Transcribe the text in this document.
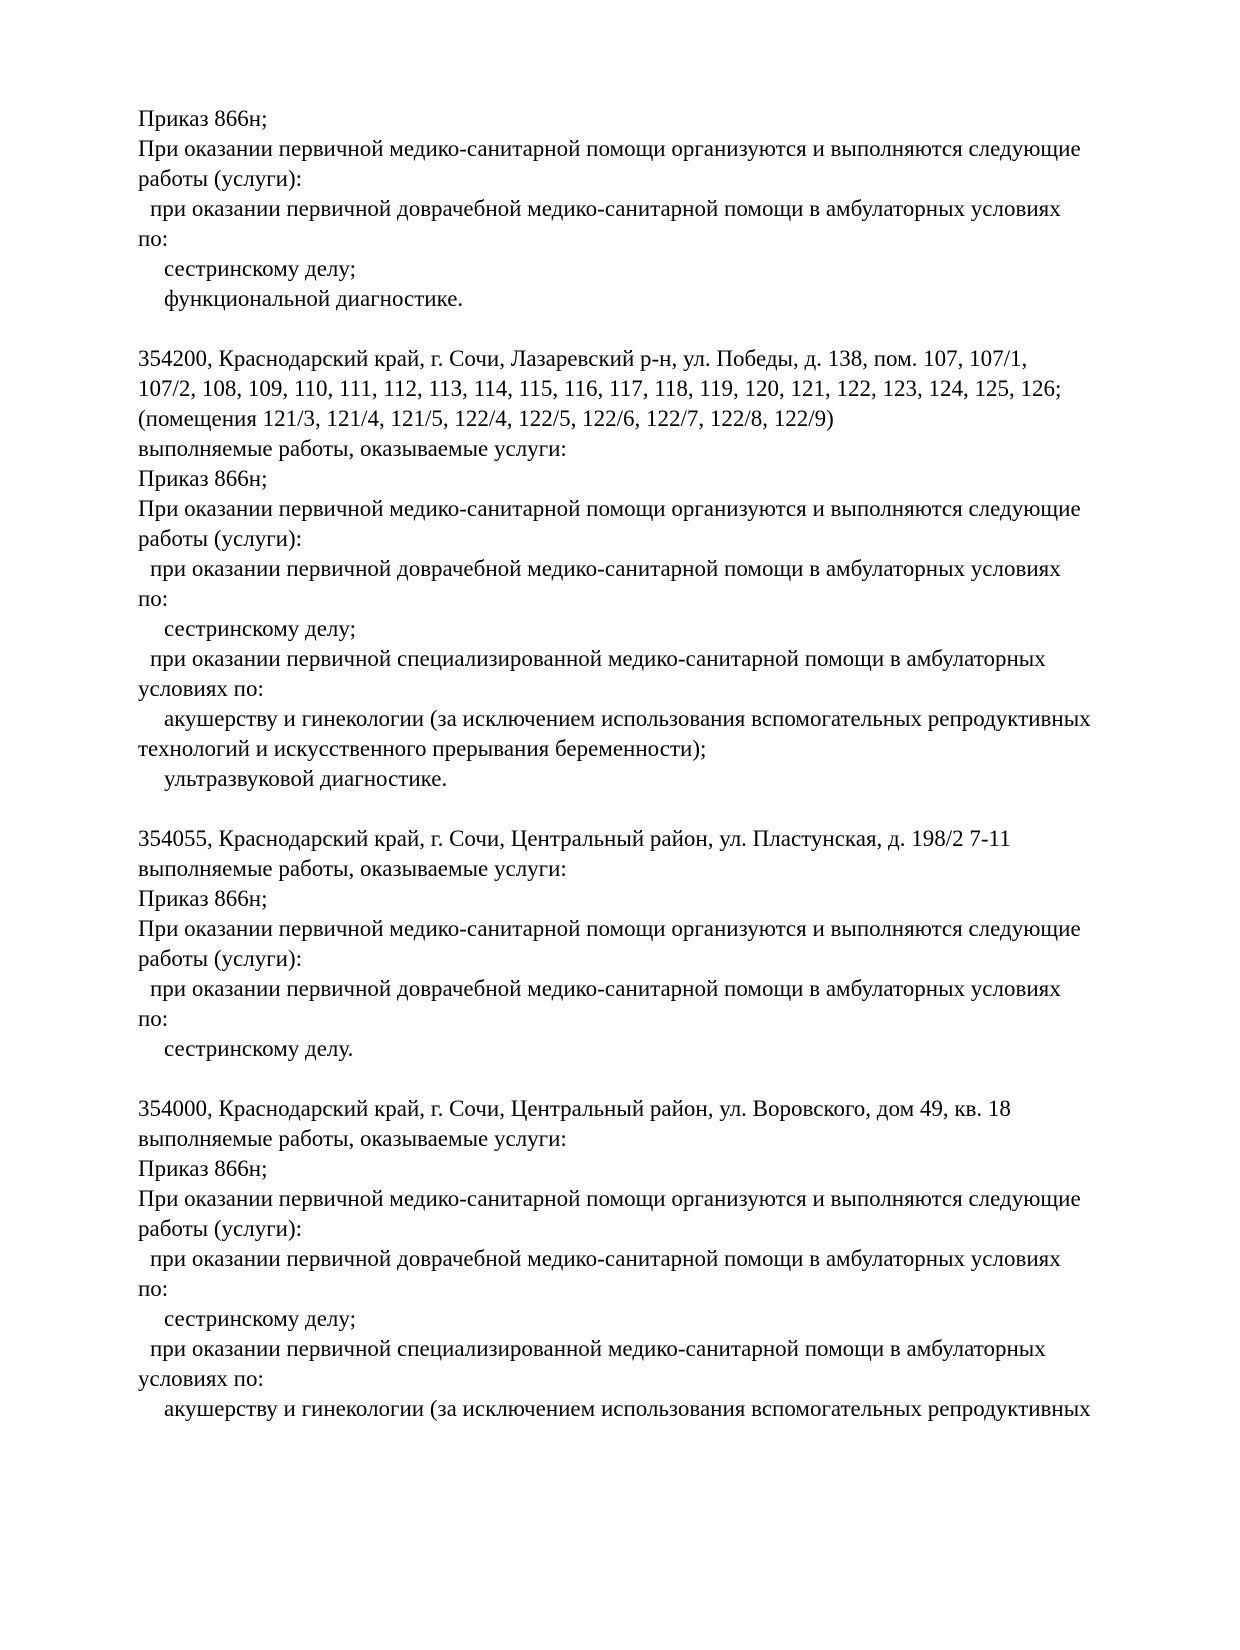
Приказ 866н;
При оказании первичной медико-санитарной помощи организуются и выполняются следующие
работы (услуги):
при оказании первичной доврачебной медико-санитарной помощи в амбулаторных условиях
по:
сестринскому делу;
функциональной диагностике.
354200, Краснодарский край, г. Сочи, Лазаревский р-н, ул. Победы, д. 138, пом. 107, 107/1,
107/2, 108, 109, 110, 111, 112, 113, 114, 115, 116, 117, 118, 119, 120, 121, 122, 123, 124, 125, 126;
(помещения 121/3, 121/4, 121/5, 122/4, 122/5, 122/6, 122/7, 122/8, 122/9)
выполняемые работы, оказываемые услуги:
Приказ 866н;
При оказании первичной медико-санитарной помощи организуются и выполняются следующие
работы (услуги):
при оказании первичной доврачебной медико-санитарной помощи в амбулаторных условиях
по:
сестринскому делу;
при оказании первичной специализированной медико-санитарной помощи в амбулаторных
условиях по:
акушерству и гинекологии (за исключением использования вспомогательных репродуктивных
технологий и искусственного прерывания беременности);
ультразвуковой диагностике.
354055, Краснодарский край, г. Сочи, Центральный район, ул. Пластунская, д. 198/2 7-11
выполняемые работы, оказываемые услуги:
Приказ 866н;
При оказании первичной медико-санитарной помощи организуются и выполняются следующие
работы (услуги):
при оказании первичной доврачебной медико-санитарной помощи в амбулаторных условиях
по:
сестринскому делу.
354000, Краснодарский край, г. Сочи, Центральный район, ул. Воровского, дом 49, кв. 18
выполняемые работы, оказываемые услуги:
Приказ 866н;
При оказании первичной медико-санитарной помощи организуются и выполняются следующие
работы (услуги):
при оказании первичной доврачебной медико-санитарной помощи в амбулаторных условиях
по:
сестринскому делу;
при оказании первичной специализированной медико-санитарной помощи в амбулаторных
условиях по:
акушерству и гинекологии (за исключением использования вспомогательных репродуктивных
